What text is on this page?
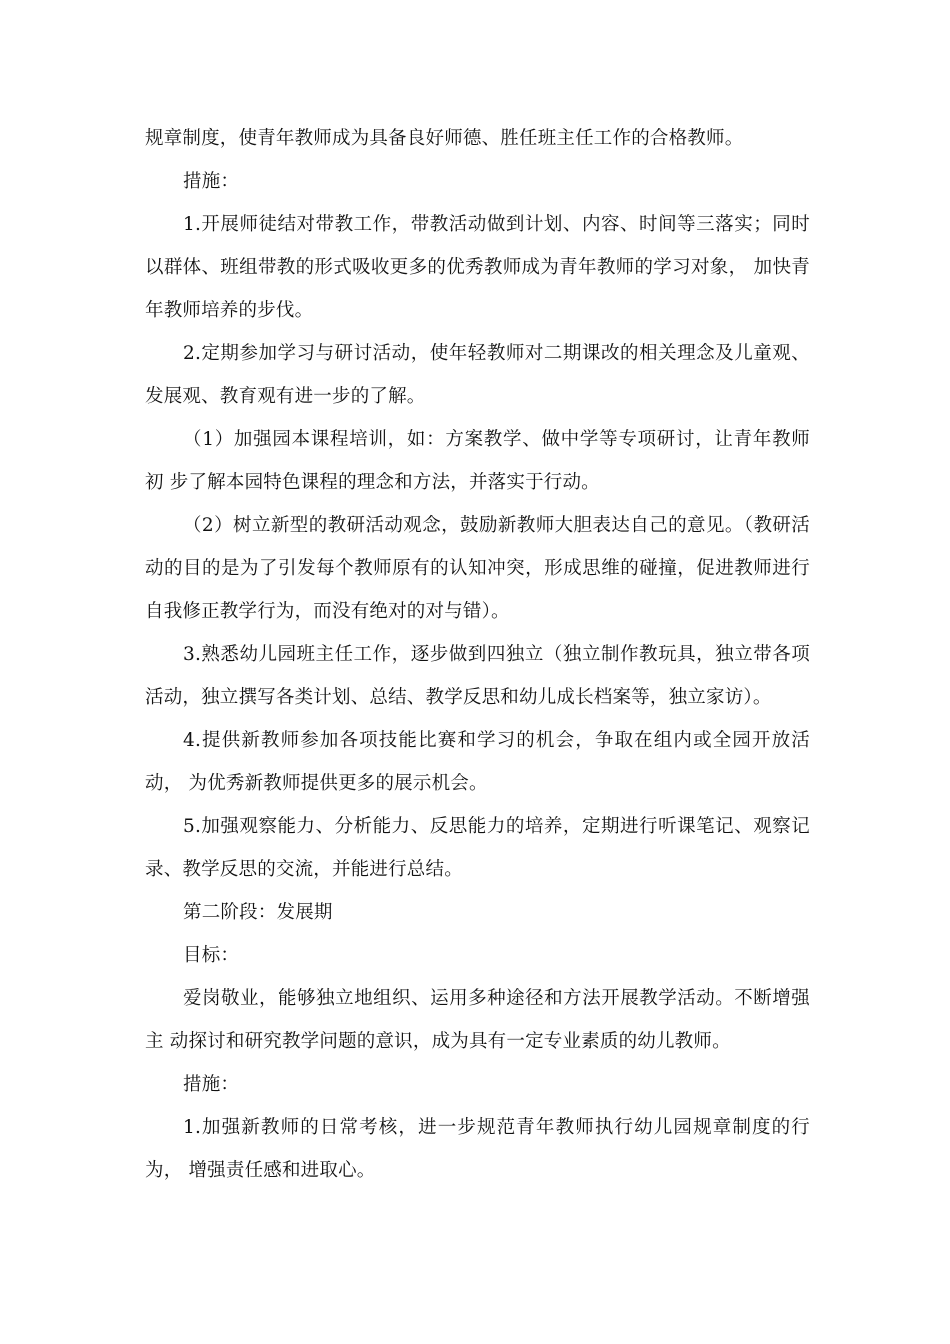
规章制度，使青年教师成为具备良好师德、胜任班主任工作的合格教师。

措施：

1.开展师徒结对带教工作，带教活动做到计划、内容、时间等三落实；同时以群体、班组带教的形式吸收更多的优秀教师成为青年教师的学习对象， 加快青年教师培养的步伐。

2.定期参加学习与研讨活动，使年轻教师对二期课改的相关理念及儿童观、发展观、教育观有进一步的了解。

（1）加强园本课程培训，如：方案教学、做中学等专项研讨，让青年教师初 步了解本园特色课程的理念和方法，并落实于行动。

（2）树立新型的教研活动观念，鼓励新教师大胆表达自己的意见。（教研活动的目的是为了引发每个教师原有的认知冲突，形成思维的碰撞，促进教师进行 自我修正教学行为，而没有绝对的对与错）。

3.熟悉幼儿园班主任工作，逐步做到四独立（独立制作教玩具，独立带各项活动，独立撰写各类计划、总结、教学反思和幼儿成长档案等，独立家访）。

4.提供新教师参加各项技能比赛和学习的机会，争取在组内或全园开放活动， 为优秀新教师提供更多的展示机会。

5.加强观察能力、分析能力、反思能力的培养，定期进行听课笔记、观察记录、教学反思的交流，并能进行总结。

第二阶段：发展期

目标：

爱岗敬业，能够独立地组织、运用多种途径和方法开展教学活动。不断增强主 动探讨和研究教学问题的意识，成为具有一定专业素质的幼儿教师。

措施：

1.加强新教师的日常考核，进一步规范青年教师执行幼儿园规章制度的行为， 增强责任感和进取心。
